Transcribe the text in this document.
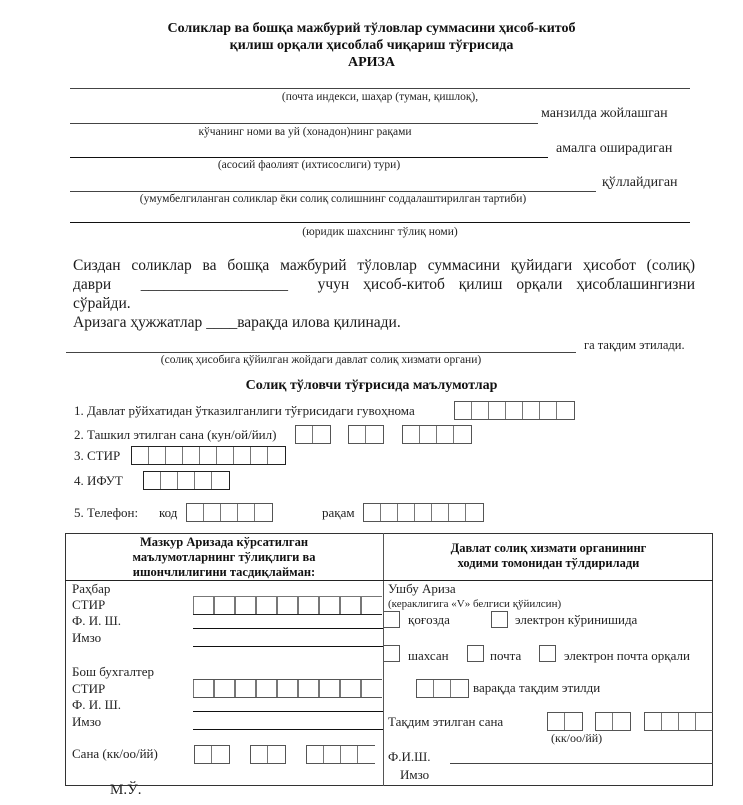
Соликлар ва бошқа мажбурий тўловлар суммасини ҳисоб-китоб
қилиш орқали ҳисоблаб чиқариш тўғрисида
АРИЗА
(почта индекси, шаҳар (туман, қишлоқ),
манзилда жойлашган
кўчанинг номи ва уй (хонадон)нинг рақами
амалга оширадиган
(асосий фаолият (ихтисослиги) тури)
қўллайдиган
(умумбелгиланган соликлар ёки солиқ солишнинг соддалаштирилган тартиби)
(юридик шахснинг тўлиқ номи)
Сиздан соликлар ва бошқа мажбурий тўловлар суммасини қуйидаги ҳисобот (солиқ)
даври ___________________ учун ҳисоб-китоб қилиш орқали ҳисоблашингизни
сўрайди.
Аризага ҳужжатлар ____варақда илова қилинади.
га тақдим этилади.
(солиқ ҳисобига қўйилган жойдаги давлат солиқ хизмати органи)
Солиқ тўловчи тўғрисида маълумотлар
1. Давлат рўйхатидан ўтказилганлиги тўғрисидаги гувоҳнома
2. Ташкил этилган сана (кун/ой/йил)
3. СТИР
4. ИФУТ
5. Телефон: код	рақам
Мазкур Аризада кўрсатилган
маълумотларнинг тўлиқлиги ва
ишончлилигини тасдиқлайман:
Давлат солиқ хизмати органининг
ходими томонидан тўлдирилади
Раҳбар
СТИР
Ф. И. Ш.
Имзо
Бош бухгалтер
СТИР
Ф. И. Ш.
Имзо
Сана (кк/оо/йй)
М.Ў.
Ушбу Ариза
(кераклигига «V» белгиси қўйилсин)
қоғозда	электрон кўринишида
шахсан	почта	электрон почта орқали
варақда тақдим этилди
Тақдим этилган сана
(кк/оо/йй)
Ф.И.Ш.
Имзо
